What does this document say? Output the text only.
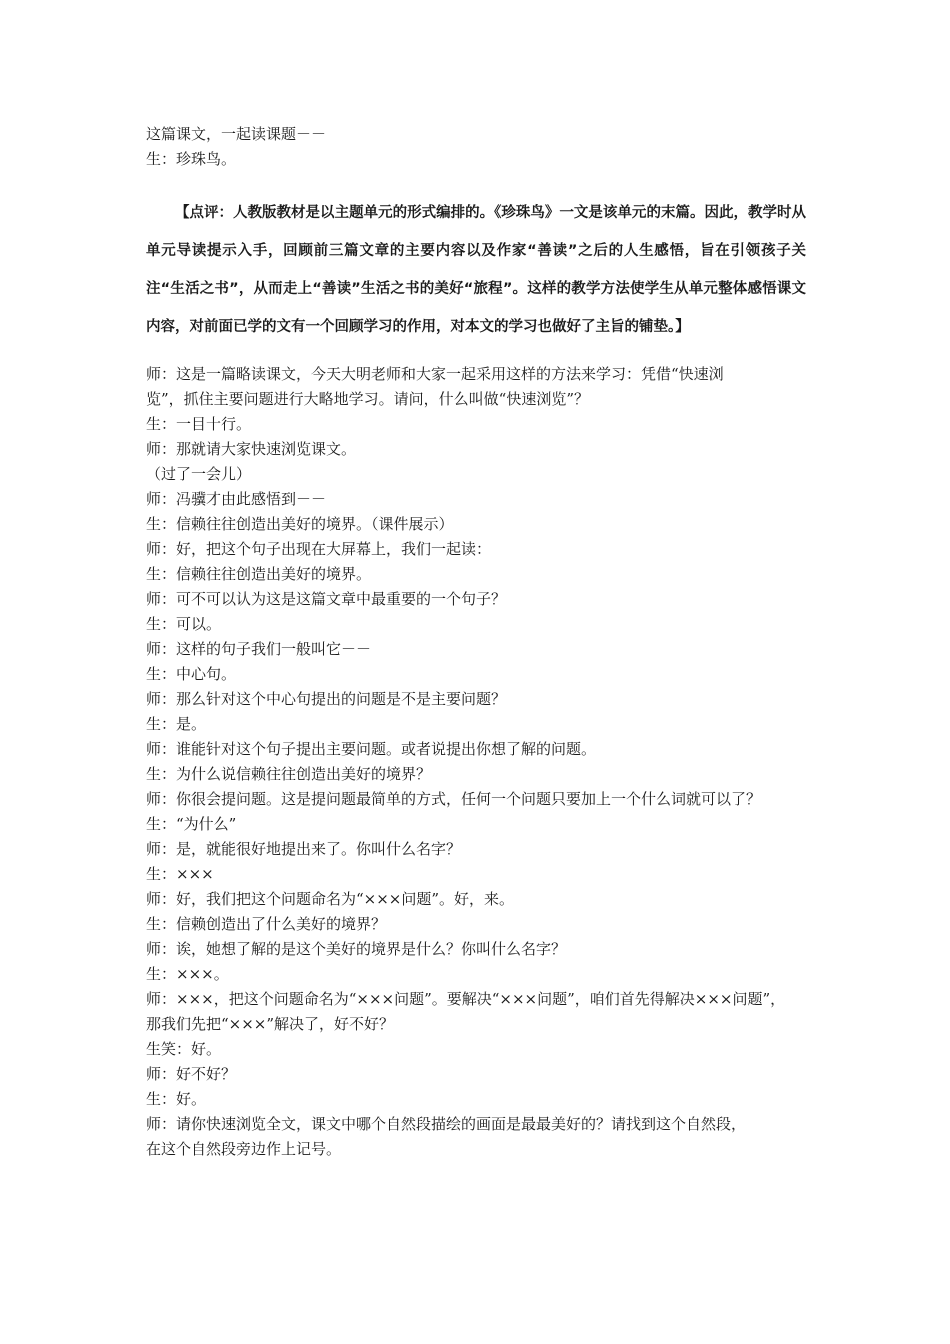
这篇课文，一起读课题－－

生：珍珠鸟。

【点评：人教版教材是以主题单元的形式编排的。《珍珠鸟》一文是该单元的末篇。因此，教学时从单元导读提示入手，回顾前三篇文章的主要内容以及作家“善读”之后的人生感悟，旨在引领孩子关注“生活之书”，从而走上“善读”生活之书的美好“旅程”。这样的教学方法使学生从单元整体感悟课文内容，对前面已学的文有一个回顾学习的作用，对本文的学习也做好了主旨的铺垫。】

师：这是一篇略读课文，今天大明老师和大家一起采用这样的方法来学习：凭借“快速浏

览”，抓住主要问题进行大略地学习。请问，什么叫做“快速浏览”？

生：一目十行。

师：那就请大家快速浏览课文。

（过了一会儿）

师：冯骥才由此感悟到－－

生：信赖往往创造出美好的境界。（课件展示）

师：好，把这个句子出现在大屏幕上，我们一起读：

生：信赖往往创造出美好的境界。

师：可不可以认为这是这篇文章中最重要的一个句子？

生：可以。

师：这样的句子我们一般叫它－－

生：中心句。

师：那么针对这个中心句提出的问题是不是主要问题？

生：是。

师：谁能针对这个句子提出主要问题。或者说提出你想了解的问题。

生：为什么说信赖往往创造出美好的境界？

师：你很会提问题。这是提问题最简单的方式，任何一个问题只要加上一个什么词就可以了？

生：“为什么”

师：是，就能很好地提出来了。你叫什么名字？

生：×××

师：好，我们把这个问题命名为“×××问题”。好，来。

生：信赖创造出了什么美好的境界？

师：诶，她想了解的是这个美好的境界是什么？你叫什么名字？

生：×××。

师：×××，把这个问题命名为“×××问题”。要解决“×××问题”，咱们首先得解决×××问题”，

那我们先把“×××”解决了，好不好？

生笑：好。

师：好不好？

生：好。

师：请你快速浏览全文，课文中哪个自然段描绘的画面是最最美好的？请找到这个自然段，

在这个自然段旁边作上记号。
